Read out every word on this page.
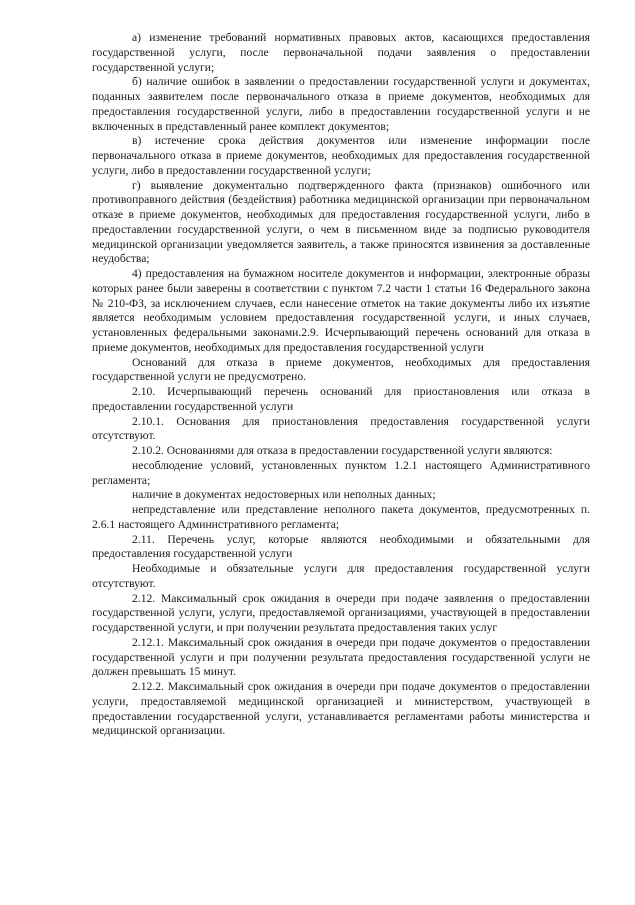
а) изменение требований нормативных правовых актов, касающихся предоставления государственной услуги, после первоначальной подачи заявления о предоставлении государственной услуги;

б) наличие ошибок в заявлении о предоставлении государственной услуги и документах, поданных заявителем после первоначального отказа в приеме документов, необходимых для предоставления государственной услуги, либо в предоставлении государственной услуги и не включенных в представленный ранее комплект документов;

в) истечение срока действия документов или изменение информации после первоначального отказа в приеме документов, необходимых для предоставления государственной услуги, либо в предоставлении государственной услуги;

г) выявление документально подтвержденного факта (признаков) ошибочного или противоправного действия (бездействия) работника медицинской организации при первоначальном отказе в приеме документов, необходимых для предоставления государственной услуги, либо в предоставлении государственной услуги, о чем в письменном виде за подписью руководителя медицинской организации уведомляется заявитель, а также приносятся извинения за доставленные неудобства;

4) предоставления на бумажном носителе документов и информации, электронные образы которых ранее были заверены в соответствии с пунктом 7.2 части 1 статьи 16 Федерального закона № 210-ФЗ, за исключением случаев, если нанесение отметок на такие документы либо их изъятие является необходимым условием предоставления государственной услуги, и иных случаев, установленных федеральными законами.2.9. Исчерпывающий перечень оснований для отказа в приеме документов, необходимых для предоставления государственной услуги

Оснований для отказа в приеме документов, необходимых для предоставления государственной услуги не предусмотрено.

2.10. Исчерпывающий перечень оснований для приостановления или отказа в предоставлении государственной услуги

2.10.1. Основания для приостановления предоставления государственной услуги отсутствуют.

2.10.2. Основаниями для отказа в предоставлении государственной услуги являются:

несоблюдение условий, установленных пунктом 1.2.1 настоящего Административного регламента;

наличие в документах недостоверных или неполных данных;

непредставление или представление неполного пакета документов, предусмотренных п. 2.6.1 настоящего Административного регламента;

2.11. Перечень услуг, которые являются необходимыми и обязательными для предоставления государственной услуги

Необходимые и обязательные услуги для предоставления государственной услуги отсутствуют.

2.12. Максимальный срок ожидания в очереди при подаче заявления о предоставлении государственной услуги, услуги, предоставляемой организациями, участвующей в предоставлении государственной услуги, и при получении результата предоставления таких услуг

2.12.1. Максимальный срок ожидания в очереди при подаче документов о предоставлении государственной услуги и при получении результата предоставления государственной услуги не должен превышать 15 минут.

2.12.2. Максимальный срок ожидания в очереди при подаче документов о предоставлении услуги, предоставляемой медицинской организацией и министерством, участвующей в предоставлении государственной услуги, устанавливается регламентами работы министерства и медицинской организации.
